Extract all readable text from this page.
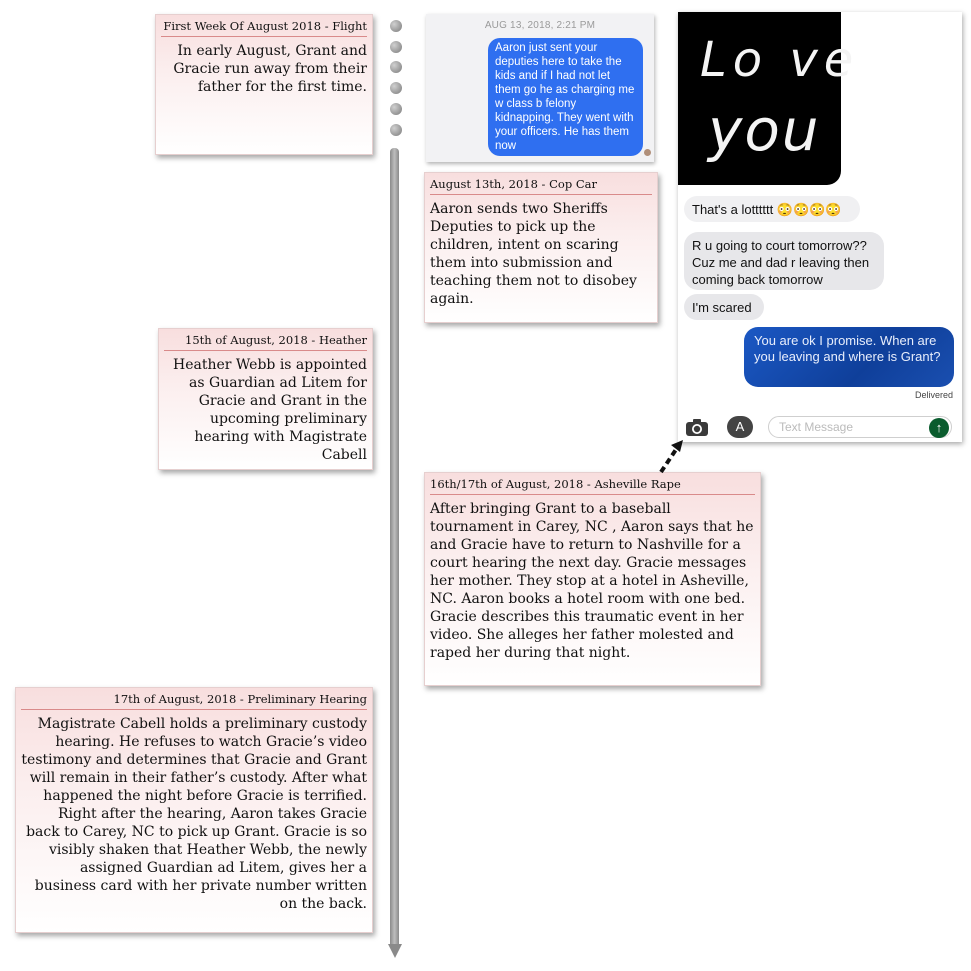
First Week Of August 2018 - Flight
In early August, Grant and Gracie run away from their father for the first time.
August 13th, 2018 - Cop Car
Aaron sends two Sheriffs Deputies to pick up the children, intent on scaring them into submission and teaching them not to disobey again.
15th of August, 2018 - Heather
Heather Webb is appointed as Guardian ad Litem for Gracie and Grant in the upcoming preliminary hearing with Magistrate Cabell
16th/17th of August, 2018 - Asheville Rape
After bringing Grant to a baseball tournament in Carey, NC , Aaron says that he and Gracie have to return to Nashville for a court hearing the next day. Gracie messages her mother. They stop at a hotel in Asheville, NC. Aaron books a hotel room with one bed. Gracie describes this traumatic event in her video. She alleges her father molested and raped her during that night.
17th of August, 2018 - Preliminary Hearing
Magistrate Cabell holds a preliminary custody hearing. He refuses to watch Gracie’s video testimony and determines that Gracie and Grant will remain in their father’s custody. After what happened the night before Gracie is terrified. Right after the hearing, Aaron takes Gracie back to Carey, NC to pick up Grant. Gracie is so visibly shaken that Heather Webb, the newly assigned Guardian ad Litem, gives her a business card with her private number written on the back.
AUG 13, 2018, 2:21 PM
Aaron just sent your deputies here to take the kids and if I had not let them go he as charging me w class b felony kidnapping. They went with your officers. He has them now
Lo ve
you
That's a lotttttt 😳😳😳😳
R u going to court tomorrow?? Cuz me and dad r leaving then coming back tomorrow
I'm scared
You are ok I promise. When are you leaving and where is Grant?
Delivered
A	Text Message	↑
